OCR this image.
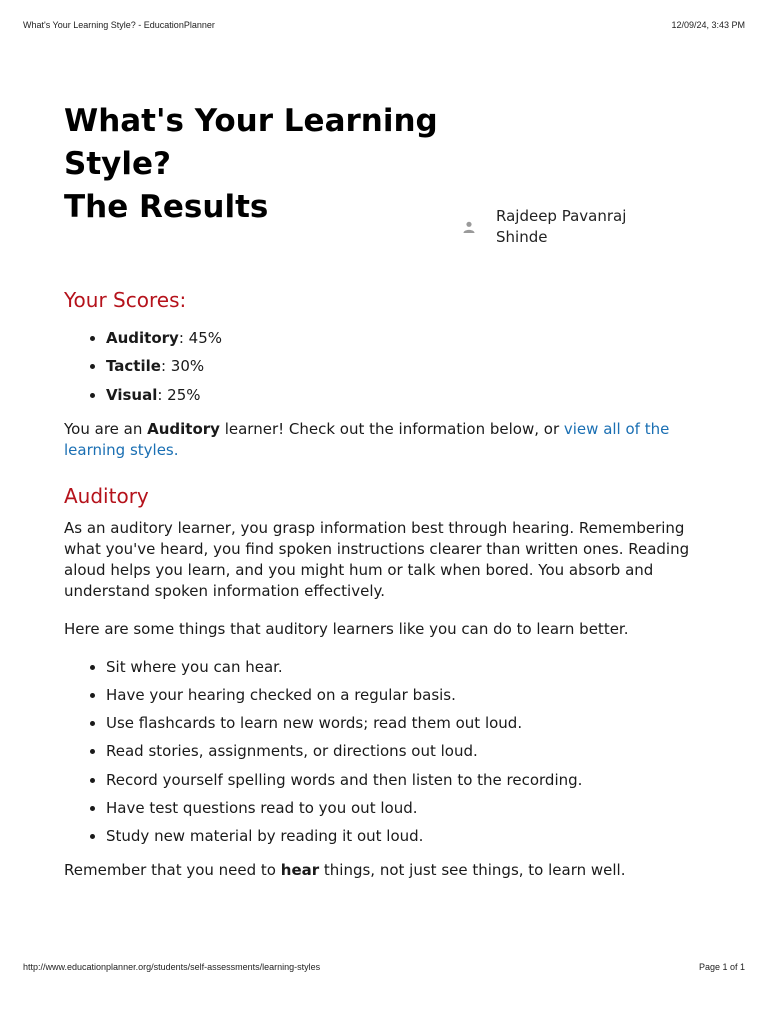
What's Your Learning Style? - EducationPlanner	12/09/24, 3:43 PM
What's Your Learning
Style?
The Results	Rajdeep Pavanraj Shinde
Your Scores:
• Auditory: 45%
• Tactile: 30%
• Visual: 25%

You are an Auditory learner! Check out the information below, or view all of the learning styles.

Auditory

As an auditory learner, you grasp information best through hearing. Remembering what you've heard, you find spoken instructions clearer than written ones. Reading aloud helps you learn, and you might hum or talk when bored. You absorb and understand spoken information effectively.

Here are some things that auditory learners like you can do to learn better.

• Sit where you can hear.
• Have your hearing checked on a regular basis.
• Use flashcards to learn new words; read them out loud.
• Read stories, assignments, or directions out loud.
• Record yourself spelling words and then listen to the recording.
• Have test questions read to you out loud.
• Study new material by reading it out loud.

Remember that you need to hear things, not just see things, to learn well.

http://www.educationplanner.org/students/self-assessments/learning-styles	Page 1 of 1
